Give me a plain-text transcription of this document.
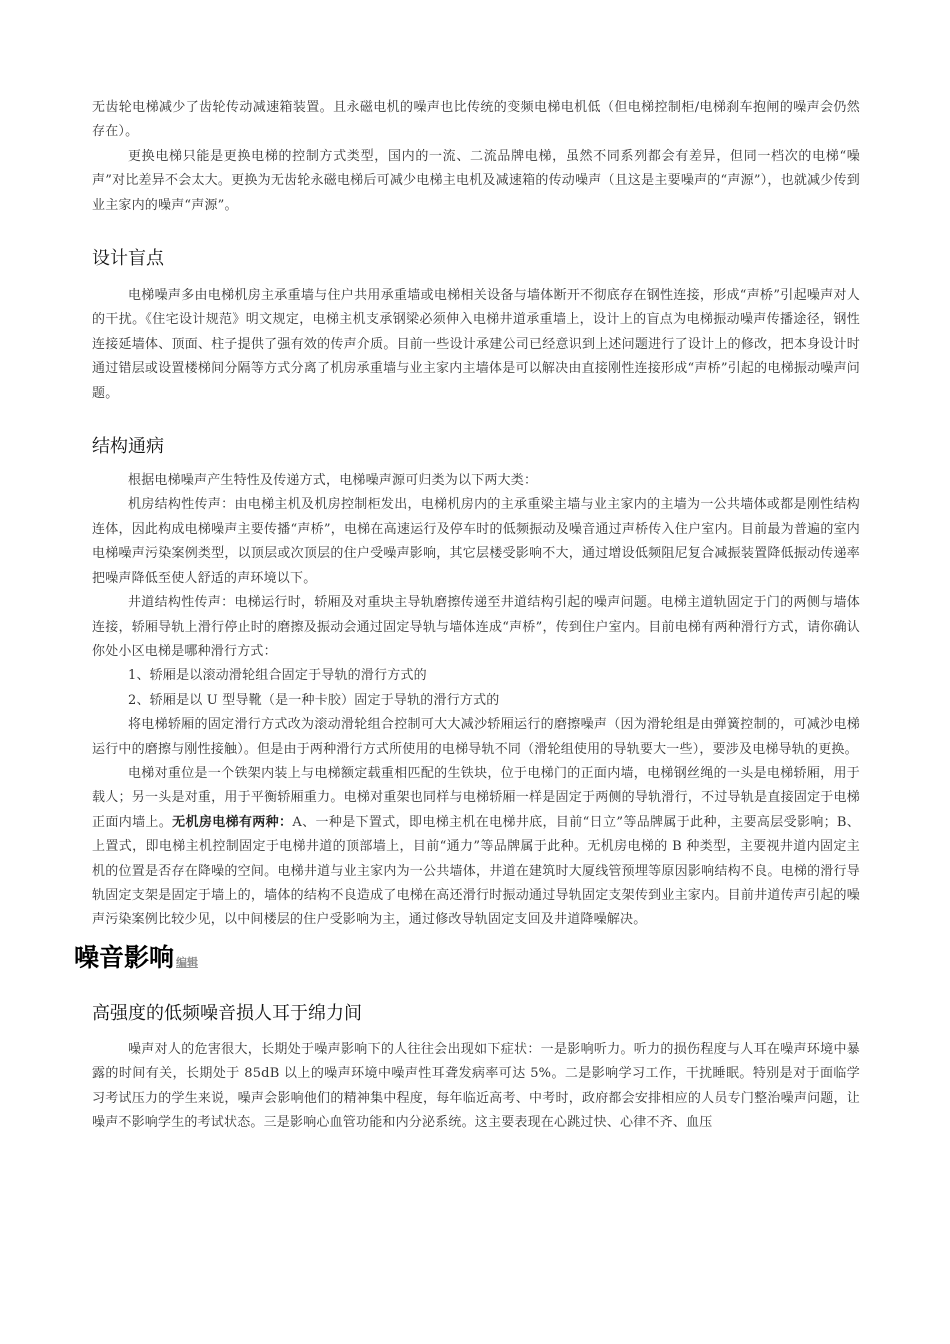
无齿轮电梯减少了齿轮传动减速箱装置。且永磁电机的噪声也比传统的变频电梯电机低（但电梯控制柜/电梯刹车抱闸的噪声会仍然存在）。

更换电梯只能是更换电梯的控制方式类型，国内的一流、二流品牌电梯，虽然不同系列都会有差异，但同一档次的电梯“噪声”对比差异不会太大。更换为无齿轮永磁电梯后可减少电梯主电机及减速箱的传动噪声（且这是主要噪声的“声源”），也就减少传到业主家内的噪声“声源”。

设计盲点

电梯噪声多由电梯机房主承重墙与住户共用承重墙或电梯相关设备与墙体断开不彻底存在钢性连接，形成“声桥”引起噪声对人的干扰。《住宅设计规范》明文规定，电梯主机支承钢梁必须伸入电梯井道承重墙上，设计上的盲点为电梯振动噪声传播途径，钢性连接延墙体、顶面、柱子提供了强有效的传声介质。目前一些设计承建公司已经意识到上述问题进行了设计上的修改，把本身设计时通过错层或设置楼梯间分隔等方式分离了机房承重墙与业主家内主墙体是可以解决由直接刚性连接形成“声桥”引起的电梯振动噪声问题。

结构通病

根据电梯噪声产生特性及传递方式，电梯噪声源可归类为以下两大类：

机房结构性传声：由电梯主机及机房控制柜发出，电梯机房内的主承重梁主墙与业主家内的主墙为一公共墙体或都是刚性结构连体，因此构成电梯噪声主要传播“声桥”，电梯在高速运行及停车时的低频振动及噪音通过声桥传入住户室内。目前最为普遍的室内电梯噪声污染案例类型，以顶层或次顶层的住户受噪声影响，其它层楼受影响不大，通过增设低频阻尼复合减振装置降低振动传递率把噪声降低至使人舒适的声环境以下。

井道结构性传声：电梯运行时，轿厢及对重块主导轨磨擦传递至井道结构引起的噪声问题。电梯主道轨固定于门的两侧与墙体连接，轿厢导轨上滑行停止时的磨擦及振动会通过固定导轨与墙体连成“声桥”，传到住户室内。目前电梯有两种滑行方式，请你确认你处小区电梯是哪种滑行方式：

1、轿厢是以滚动滑轮组合固定于导轨的滑行方式的

2、轿厢是以 U 型导靴（是一种卡胶）固定于导轨的滑行方式的

将电梯轿厢的固定滑行方式改为滚动滑轮组合控制可大大减沙轿厢运行的磨擦噪声（因为滑轮组是由弹簧控制的，可减沙电梯运行中的磨擦与刚性接触）。但是由于两种滑行方式所使用的电梯导轨不同（滑轮组使用的导轨要大一些），要涉及电梯导轨的更换。

电梯对重位是一个铁架内装上与电梯额定载重相匹配的生铁块，位于电梯门的正面内墙，电梯钢丝绳的一头是电梯轿厢，用于载人；另一头是对重，用于平衡轿厢重力。电梯对重架也同样与电梯轿厢一样是固定于两侧的导轨滑行，不过导轨是直接固定于电梯正面内墙上。无机房电梯有两种：A、一种是下置式，即电梯主机在电梯井底，目前“日立”等品牌属于此种，主要高层受影响；B、上置式，即电梯主机控制固定于电梯井道的顶部墙上，目前“通力”等品牌属于此种。无机房电梯的 B 种类型，主要视井道内固定主机的位置是否存在降噪的空间。电梯井道与业主家内为一公共墙体，井道在建筑时大厦线管预埋等原因影响结构不良。电梯的滑行导轨固定支架是固定于墙上的，墙体的结构不良造成了电梯在高还滑行时振动通过导轨固定支架传到业主家内。目前井道传声引起的噪声污染案例比较少见，以中间楼层的住户受影响为主，通过修改导轨固定支回及井道降噪解决。

噪音影响 编辑
高强度的低频噪音损人耳于绵力间

噪声对人的危害很大，长期处于噪声影响下的人往往会出现如下症状：一是影响听力。听力的损伤程度与人耳在噪声环境中暴露的时间有关，长期处于 85dB 以上的噪声环境中噪声性耳聋发病率可达 5%。二是影响学习工作，干扰睡眠。特别是对于面临学习考试压力的学生来说，噪声会影响他们的精神集中程度，每年临近高考、中考时，政府都会安排相应的人员专门整治噪声问题，让噪声不影响学生的考试状态。三是影响心血管功能和内分泌系统。这主要表现在心跳过快、心律不齐、血压
